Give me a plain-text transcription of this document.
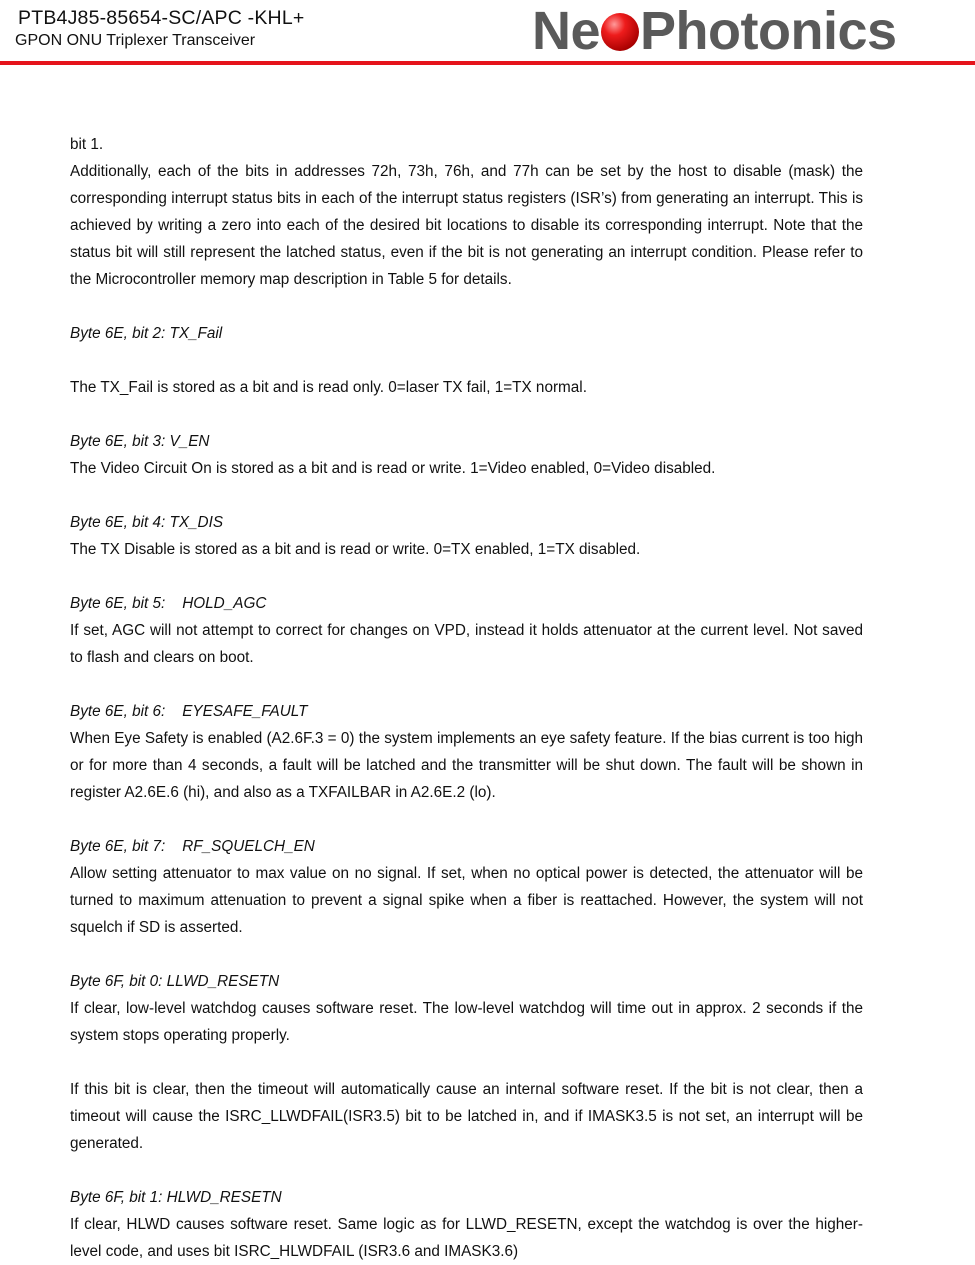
PTB4J85-85654-SC/APC -KHL+
GPON ONU Triplexer Transceiver	Ne Photonics

bit 1.

Additionally, each of the bits in addresses 72h, 73h, 76h, and 77h can be set by the host to disable (mask) the corresponding interrupt status bits in each of the interrupt status registers (ISR’s) from generating an interrupt. This is achieved by writing a zero into each of the desired bit locations to disable its corresponding interrupt. Note that the status bit will still represent the latched status, even if the bit is not generating an interrupt condition. Please refer to the Microcontroller memory map description in Table 5 for details.

Byte 6E, bit 2: TX_Fail

The TX_Fail is stored as a bit and is read only. 0=laser TX fail, 1=TX normal.

Byte 6E, bit 3: V_EN

The Video Circuit On is stored as a bit and is read or write. 1=Video enabled, 0=Video disabled.

Byte 6E, bit 4: TX_DIS

The TX Disable is stored as a bit and is read or write. 0=TX enabled, 1=TX disabled.

Byte 6E, bit 5:    HOLD_AGC

If set, AGC will not attempt to correct for changes on VPD, instead it holds attenuator at the current level. Not saved to flash and clears on boot.

Byte 6E, bit 6:    EYESAFE_FAULT

When Eye Safety is enabled (A2.6F.3 = 0) the system implements an eye safety feature. If the bias current is too high or for more than 4 seconds, a fault will be latched and the transmitter will be shut down. The fault will be shown in register A2.6E.6 (hi), and also as a TXFAILBAR in A2.6E.2 (lo).

Byte 6E, bit 7:    RF_SQUELCH_EN

Allow setting attenuator to max value on no signal. If set, when no optical power is detected, the attenuator will be turned to maximum attenuation to prevent a signal spike when a fiber is reattached. However, the system will not squelch if SD is asserted.

Byte 6F, bit 0: LLWD_RESETN

If clear, low-level watchdog causes software reset. The low-level watchdog will time out in approx. 2 seconds if the system stops operating properly.

If this bit is clear, then the timeout will automatically cause an internal software reset. If the bit is not clear, then a timeout will cause the ISRC_LLWDFAIL(ISR3.5) bit to be latched in, and if IMASK3.5 is not set, an interrupt will be generated.

Byte 6F, bit 1: HLWD_RESETN

If clear, HLWD causes software reset. Same logic as for LLWD_RESETN, except the watchdog is over the higher-level code, and uses bit ISRC_HLWDFAIL (ISR3.6 and IMASK3.6)
